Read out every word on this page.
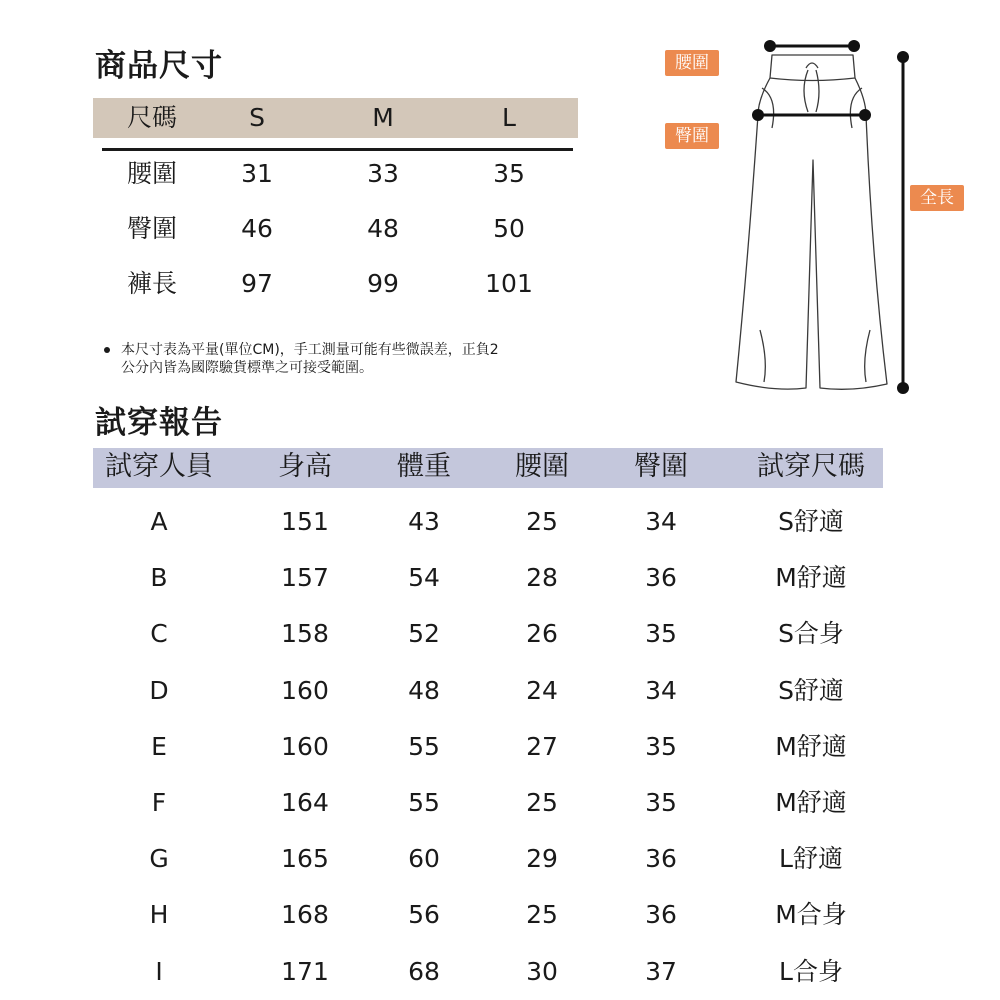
商品尺寸
尺碼	S	M	L
腰圍	31	33	35
臀圍	46	48	50
褲長	97	99	101
本尺寸表為平量(單位CM)，手工測量可能有些微誤差，正負2
公分內皆為國際驗貨標準之可接受範圍。
腰圍
臀圍
全長
試穿報告
試穿人員 身高 體重 腰圍 臀圍	試穿尺碼
A	151	43	25	34	S舒適
B	157	54	28	36	M舒適
C	158	52	26	35	S合身
D	160	48	24	34	S舒適
E	160	55	27	35	M舒適
F	164	55	25	35	M舒適
G	165	60	29	36	L舒適
H	168	56	25	36	M合身
I	171	68	30	37	L合身
